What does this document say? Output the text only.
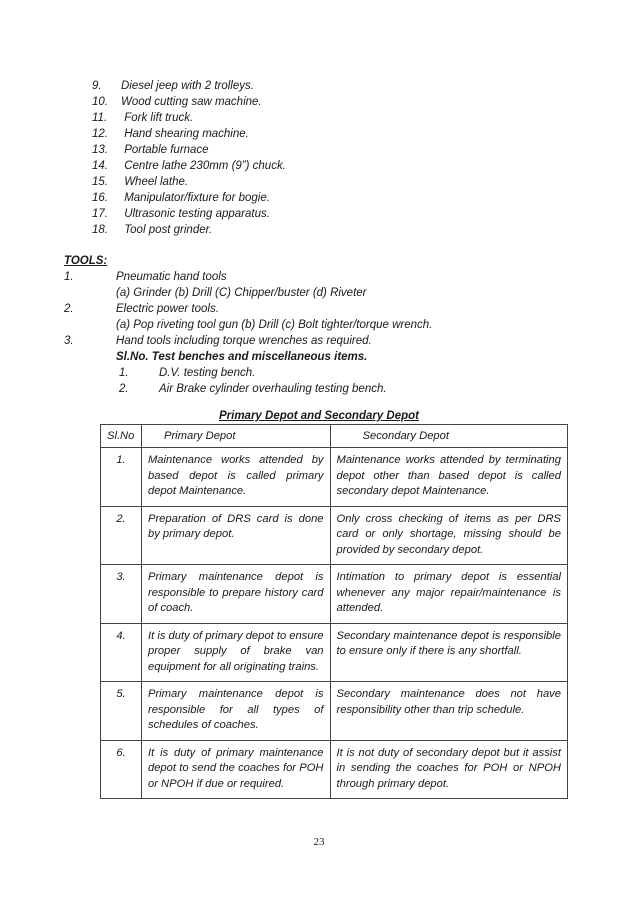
9. Diesel jeep with 2 trolleys.
10. Wood cutting saw machine.
11. Fork lift truck.
12. Hand shearing machine.
13. Portable furnace
14. Centre lathe 230mm (9”) chuck.
15. Wheel lathe.
16. Manipulator/fixture for bogie.
17. Ultrasonic testing apparatus.
18. Tool post grinder.
TOOLS:
1.	Pneumatic hand tools
(a) Grinder (b) Drill (C) Chipper/buster (d) Riveter
2.	Electric power tools.
(a) Pop riveting tool gun (b) Drill (c) Bolt tighter/torque wrench.
3.	Hand tools including torque wrenches as required.
Sl.No. Test benches and miscellaneous items.
1.	D.V. testing bench.
2.	Air Brake cylinder overhauling testing bench.
Primary Depot and Secondary Depot
Sl.No	Primary Depot	Secondary Depot
1.	Maintenance works attended by based depot is called primary depot Maintenance.	Maintenance works attended by terminating depot other than based depot is called secondary depot Maintenance.
2.	Preparation of DRS card is done by primary depot.	Only cross checking of items as per DRS card or only shortage, missing should be provided by secondary depot.
3.	Primary maintenance depot is responsible to prepare history card of coach.	Intimation to primary depot is essential whenever any major repair/maintenance is attended.
4.	It is duty of primary depot to ensure proper supply of brake van equipment for all originating trains.	Secondary maintenance depot is responsible to ensure only if there is any shortfall.
5.	Primary maintenance depot is responsible for all types of schedules of coaches.	Secondary maintenance does not have responsibility other than trip schedule.
6.	It is duty of primary maintenance depot to send the coaches for POH or NPOH if due or required.	It is not duty of secondary depot but it assist in sending the coaches for POH or NPOH through primary depot.
23
